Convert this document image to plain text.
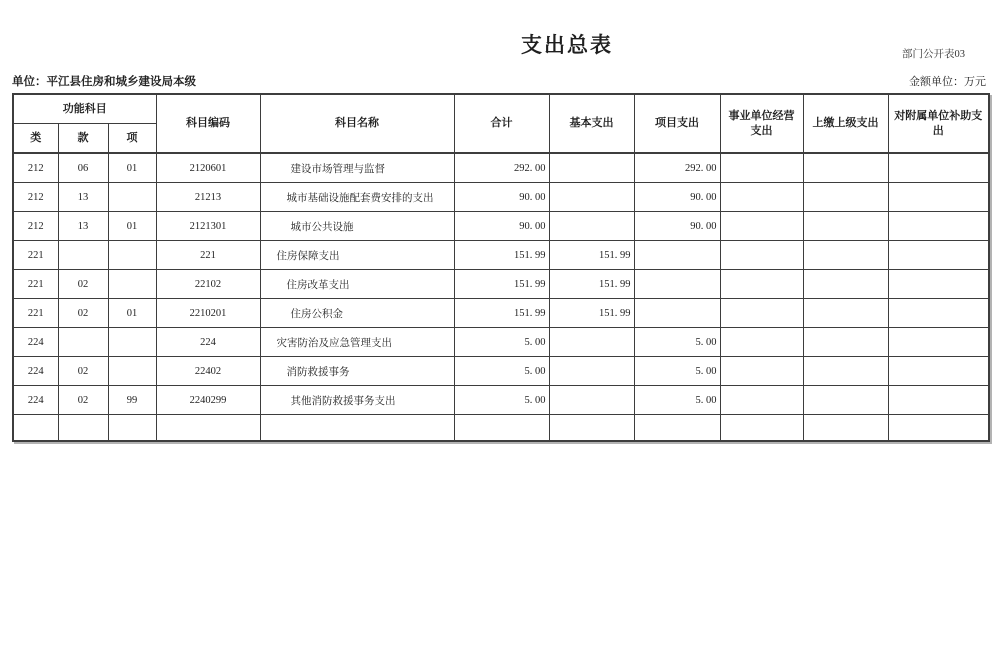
部门公开表03
支出总表
单位：平江县住房和城乡建设局本级	金额单位：万元
功能科目			科目编码	科目名称	合计	基本支出	项目支出	事业单位经营支出	上缴上级支出	对附属单位补助支出
类	款	项								
212	06	01	2120601	建设市场管理与监督	292. 00		292. 00			
212	13		21213	城市基础设施配套费安排的支出	90. 00		90. 00			
212	13	01	2121301	城市公共设施	90. 00		90. 00			
221			221	住房保障支出	151. 99	151. 99				
221	02		22102	住房改革支出	151. 99	151. 99				
221	02	01	2210201	住房公积金	151. 99	151. 99				
224			224	灾害防治及应急管理支出	5. 00		5. 00			
224	02		22402	消防救援事务	5. 00		5. 00			
224	02	99	2240299	其他消防救援事务支出	5. 00		5. 00			
